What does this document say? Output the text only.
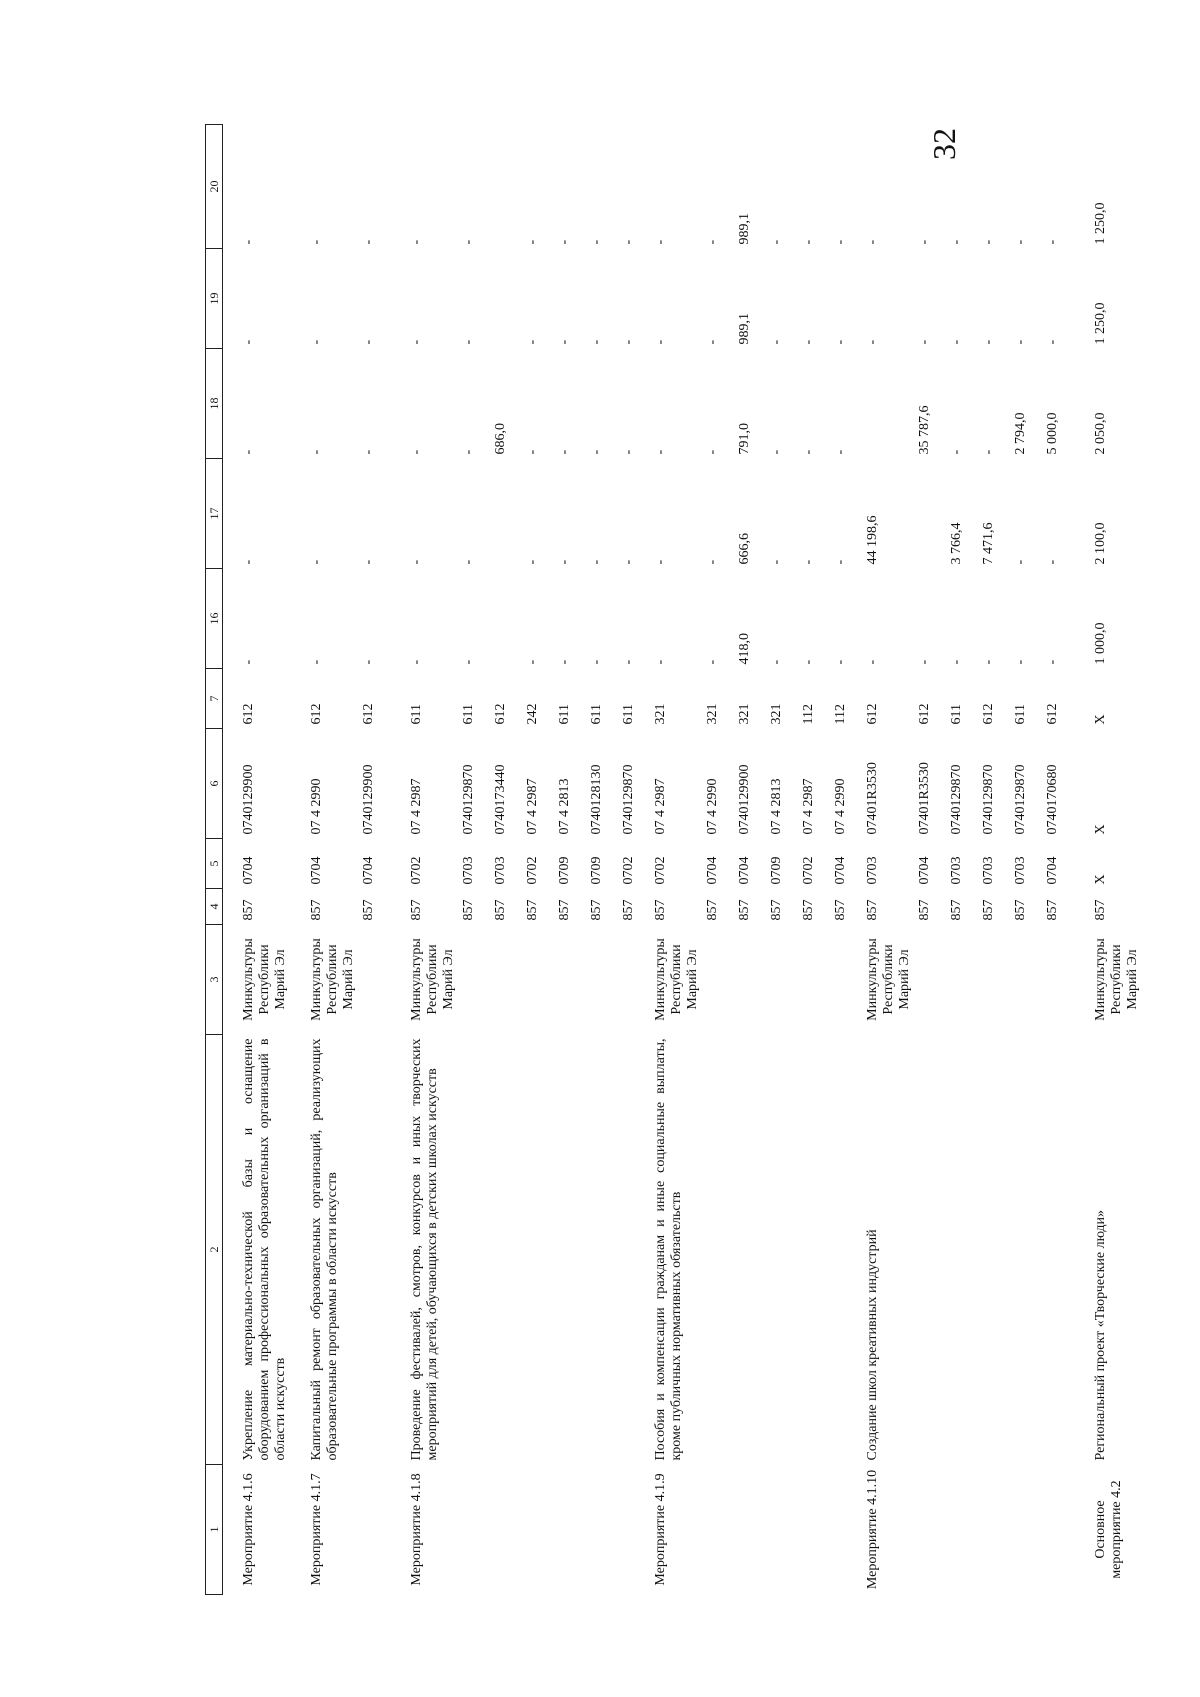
32
1	2	3	4	5	6	7	16	17	18	19	20
Мероприятие 4.1.6	Укрепление материально-технической базы и оснащение оборудованием профессиональных образовательных организаций в области искусств	Минкультуры Республики Марий Эл	857	0704	0740129900	612	-	-	-	-	-
Мероприятие 4.1.7	Капитальный ремонт образовательных организаций, реализующих образовательные программы в области искусств	Минкультуры Республики Марий Эл	857	0704	07 4 2990	612	-	-	-	-	-
			857	0704	0740129900	612	-	-	-	-	-
Мероприятие 4.1.8	Проведение фестивалей, смотров, конкурсов и иных творческих мероприятий для детей, обучающихся в детских школах искусств	Минкультуры Республики Марий Эл	857	0702	07 4 2987	611	-	-	-	-	-
			857	0703	0740129870	611	-	-	-	-	-
			857	0703	0740173440	612			686,0		
			857	0702	07 4 2987	242	-	-	-	-	-
			857	0709	07 4 2813	611	-	-	-	-	-
			857	0709	0740128130	611	-	-	-	-	-
			857	0702	0740129870	611	-	-	-	-	-
Мероприятие 4.1.9	Пособия и компенсации гражданам и иные социальные выплаты, кроме публичных нормативных обязательств	Минкультуры Республики Марий Эл	857	0702	07 4 2987	321	-	-	-	-	-
			857	0704	07 4 2990	321	-	-	-	-	-
			857	0704	0740129900	321	418,0	666,6	791,0	989,1	989,1
			857	0709	07 4 2813	321	-	-	-	-	-
			857	0702	07 4 2987	112	-	-	-	-	-
			857	0704	07 4 2990	112	-	-	-	-	-
Мероприятие 4.1.10	Создание школ креативных индустрий	Минкультуры Республики Марий Эл	857	0703	07401R3530	612	-	44 198,6		-	-
			857	0704	07401R3530	612	-		35 787,6	-	-
			857	0703	0740129870	611	-	3 766,4	-	-	-
			857	0703	0740129870	612	-	7 471,6	-	-	-
			857	0703	0740129870	611	-	-	2 794,0	-	-
			857	0704	0740170680	612	-	-	5 000,0	-	-
Основное мероприятие 4.2	Региональный проект «Творческие люди»	Минкультуры Республики Марий Эл	857	X	X	X	1 000,0	2 100,0	2 050,0	1 250,0	1 250,0
